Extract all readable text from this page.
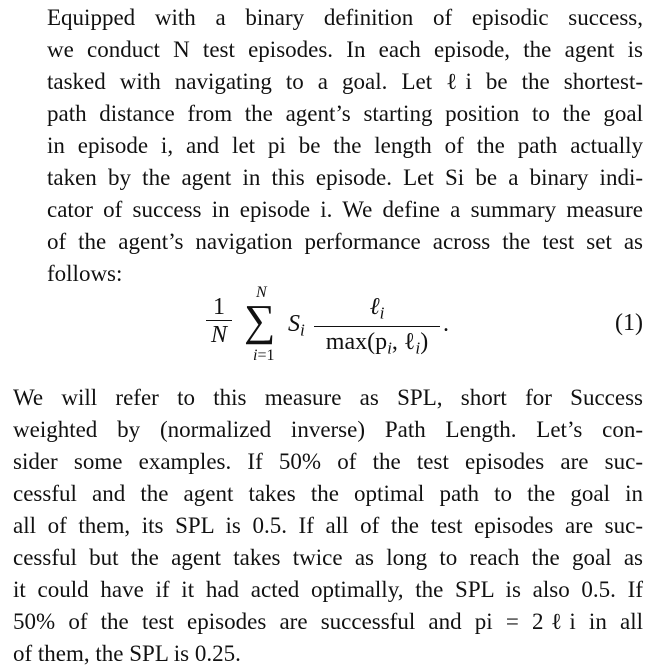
Equipped with a binary definition of episodic success,
we conduct N test episodes. In each episode, the agent is
tasked with navigating to a goal. Let ℓi be the shortest-
path distance from the agent’s starting position to the goal
in episode i, and let pi be the length of the path actually
taken by the agent in this episode. Let Si be a binary indi-
cator of success in episode i. We define a summary measure
of the agent’s navigation performance across the test set as
follows:
1
N
N
∑
i=1
$S_i$
ℓ$_i$
$\max(p_i$, ℓ$_i$)
.	(1)
We will refer to this measure as SPL, short for Success
weighted by (normalized inverse) Path Length. Let’s con-
sider some examples. If 50% of the test episodes are suc-
cessful and the agent takes the optimal path to the goal in
all of them, its SPL is 0.5. If all of the test episodes are suc-
cessful but the agent takes twice as long to reach the goal as
it could have if it had acted optimally, the SPL is also 0.5. If
50% of the test episodes are successful and pi = 2ℓi in all
of them, the SPL is 0.25.
